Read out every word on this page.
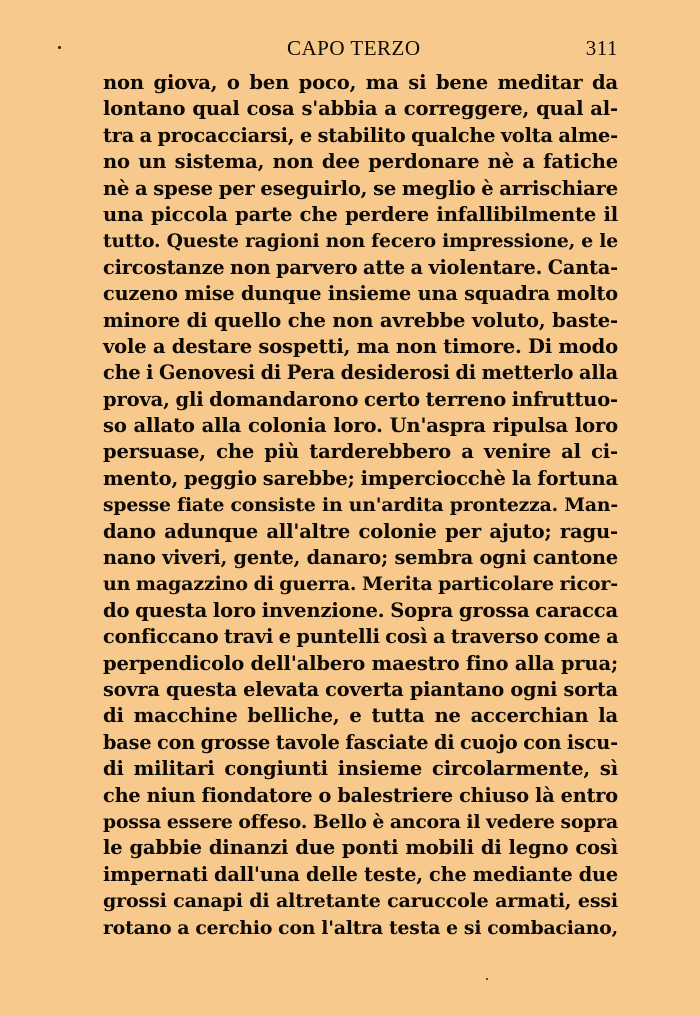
CAPO TERZO	311
non giova, o ben poco, ma si bene meditar da
lontano qual cosa s'abbia a correggere, qual al-
tra a procacciarsi, e stabilito qualche volta alme-
no un sistema, non dee perdonare nè a fatiche
nè a spese per eseguirlo, se meglio è arrischiare
una piccola parte che perdere infallibilmente il
tutto. Queste ragioni non fecero impressione, e le
circostanze non parvero atte a violentare. Canta-
cuzeno mise dunque insieme una squadra molto
minore di quello che non avrebbe voluto, baste-
vole a destare sospetti, ma non timore. Di modo
che i Genovesi di Pera desiderosi di metterlo alla
prova, gli domandarono certo terreno infruttuo-
so allato alla colonia loro. Un'aspra ripulsa loro
persuase, che più tarderebbero a venire al ci-
mento, peggio sarebbe; imperciocchè la fortuna
spesse fiate consiste in un'ardita prontezza. Man-
dano adunque all'altre colonie per ajuto; ragu-
nano viveri, gente, danaro; sembra ogni cantone
un magazzino di guerra. Merita particolare ricor-
do questa loro invenzione. Sopra grossa caracca
conficcano travi e puntelli così a traverso come a
perpendicolo dell'albero maestro fino alla prua;
sovra questa elevata coverta piantano ogni sorta
di macchine belliche, e tutta ne accerchian la
base con grosse tavole fasciate di cuojo con iscu-
di militari congiunti insieme circolarmente, sì
che niun fiondatore o balestriere chiuso là entro
possa essere offeso. Bello è ancora il vedere sopra
le gabbie dinanzi due ponti mobili di legno così
impernati dall'una delle teste, che mediante due
grossi canapi di altretante caruccole armati, essi
rotano a cerchio con l'altra testa e si combaciano,
